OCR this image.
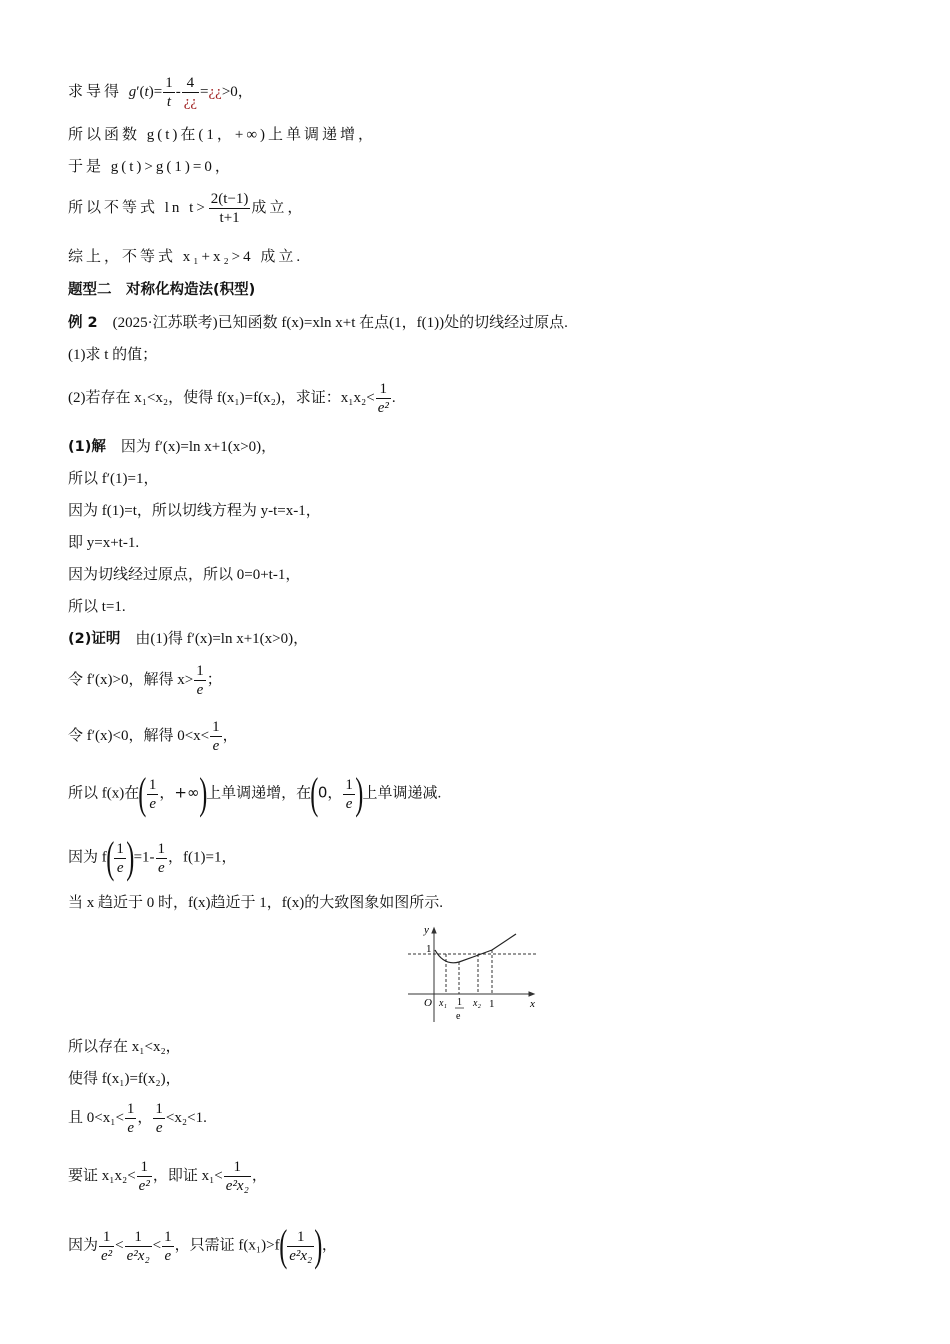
求导得 $g'(t)= \frac{1}{t} - \frac{4}{¿¿}$ =¿¿>0，
所以函数 g(t)在(1，+∞)上单调递增，
于是 g(t)>g(1)=0，
所以不等式 $\ln t> \frac{2(t-1)}{t+1}$ 成立，
综上，不等式 x₁+x₂>4 成立.
题型二　对称化构造法(积型)
例 2　(2025·江苏联考)已知函数 f(x)=xln x+t 在点(1，f(1))处的切线经过原点.
(1)求 t 的值；
(2)若存在 x₁<x₂，使得 f(x₁)=f(x₂)，求证：$x_1x_2< \frac{1}{\text{e²}}$ .
(1)解　因为 f′(x)=ln x+1(x>0)，
所以 f′(1)=1，
因为 f(1)=t，所以切线方程为 y-t=x-1，
即 y=x+t-1.
因为切线经过原点，所以 0=0+t-1，
所以 t=1.
(2)证明　由(1)得 f′(x)=ln x+1(x>0)，
令 f′(x)>0，解得 $x> \frac{1}{e}$ ；
令 f′(x)<0，解得 $0<x< \frac{1}{e}$ ，
所以 f(x)在( $\frac{1}{e}$ ，+∞)上单调递增，在(0， $\frac{1}{e}$ )上单调递减.
因为 $f( \frac{1}{e} )=1- \frac{1}{e}$ ，f(1)=1，
当 x 趋近于 0 时，f(x)趋近于 1，f(x)的大致图象如图所示.
y
x
O
1
x₁ 1
e
x₂ 1
所以存在 x₁<x₂，
使得 f(x₁)=f(x₂)，
且 $0<x_1< \frac{1}{e}$ ， $\frac{1}{e} <x_2<1$.
要证 $x_1x_2< \frac{1}{\text{e²}}$ ，即证 $x_1< \frac{1}{\text{e²x₂}}$ ，
因为 $\frac{1}{\text{e²}} < \frac{1}{\text{e²x₂}} < \frac{1}{e}$ ，只需证 $f(x_1)>f( \frac{1}{\text{e²x₂}}$ )，
